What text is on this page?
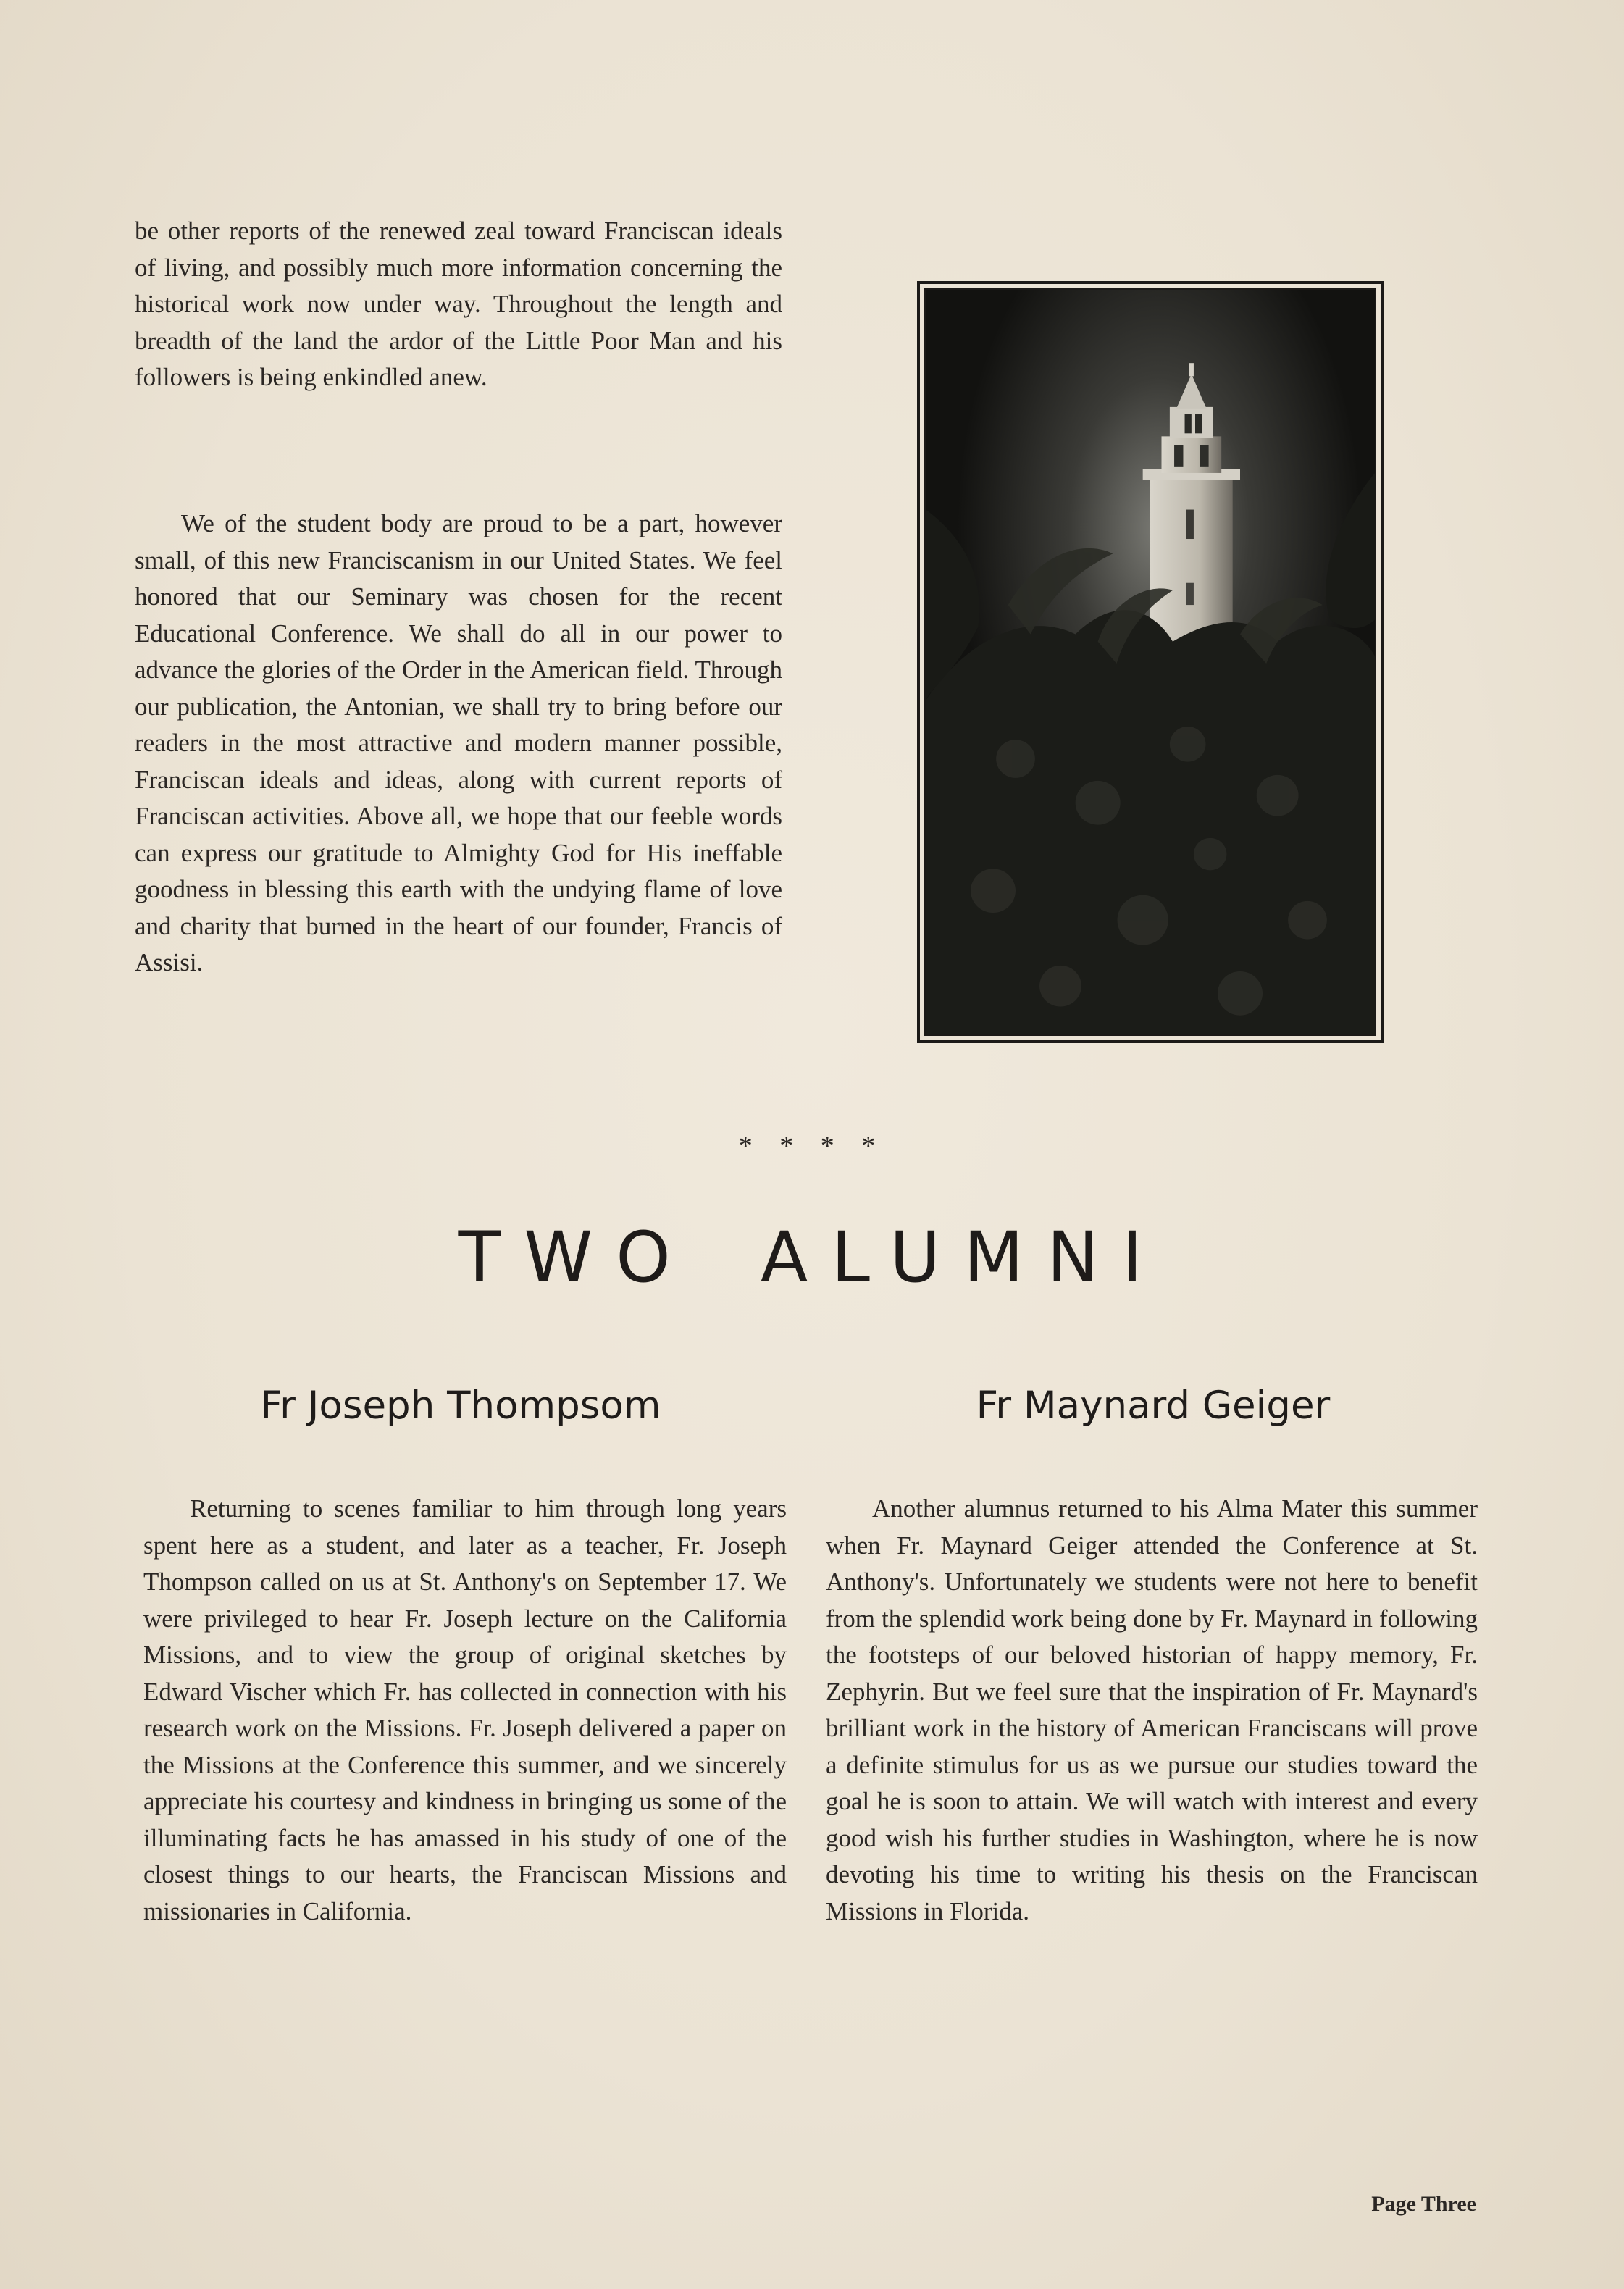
be other reports of the renewed zeal toward Franciscan ideals of living, and possibly much more information concerning the historical work now under way. Throughout the length and breadth of the land the ardor of the Little Poor Man and his followers is being enkindled anew.

We of the student body are proud to be a part, however small, of this new Franciscanism in our United States. We feel honored that our Seminary was chosen for the recent Educational Conference. We shall do all in our power to advance the glories of the Order in the American field. Through our publication, the Antonian, we shall try to bring before our readers in the most attractive and modern manner possible, Franciscan ideals and ideas, along with current reports of Franciscan activities. Above all, we hope that our feeble words can express our gratitude to Almighty God for His ineffable goodness in blessing this earth with the undying flame of love and charity that burned in the heart of our founder, Francis of Assisi.

* * * *

TWO ALUMNI
Fr Joseph Thompsom	Fr Maynard Geiger

Returning to scenes familiar to him through long years spent here as a student, and later as a teacher, Fr. Joseph Thompson called on us at St. Anthony's on September 17. We were privileged to hear Fr. Joseph lecture on the California Missions, and to view the group of original sketches by Edward Vischer which Fr. has collected in connection with his research work on the Missions. Fr. Joseph delivered a paper on the Missions at the Conference this summer, and we sincerely appreciate his courtesy and kindness in bringing us some of the illuminating facts he has amassed in his study of one of the closest things to our hearts, the Franciscan Missions and missionaries in California.

Another alumnus returned to his Alma Mater this summer when Fr. Maynard Geiger attended the Conference at St. Anthony's. Unfortunately we students were not here to benefit from the splendid work being done by Fr. Maynard in following the footsteps of our beloved historian of happy memory, Fr. Zephyrin. But we feel sure that the inspiration of Fr. Maynard's brilliant work in the history of American Franciscans will prove a definite stimulus for us as we pursue our studies toward the goal he is soon to attain. We will watch with interest and every good wish his further studies in Washington, where he is now devoting his time to writing his thesis on the Franciscan Missions in Florida.

Page Three
